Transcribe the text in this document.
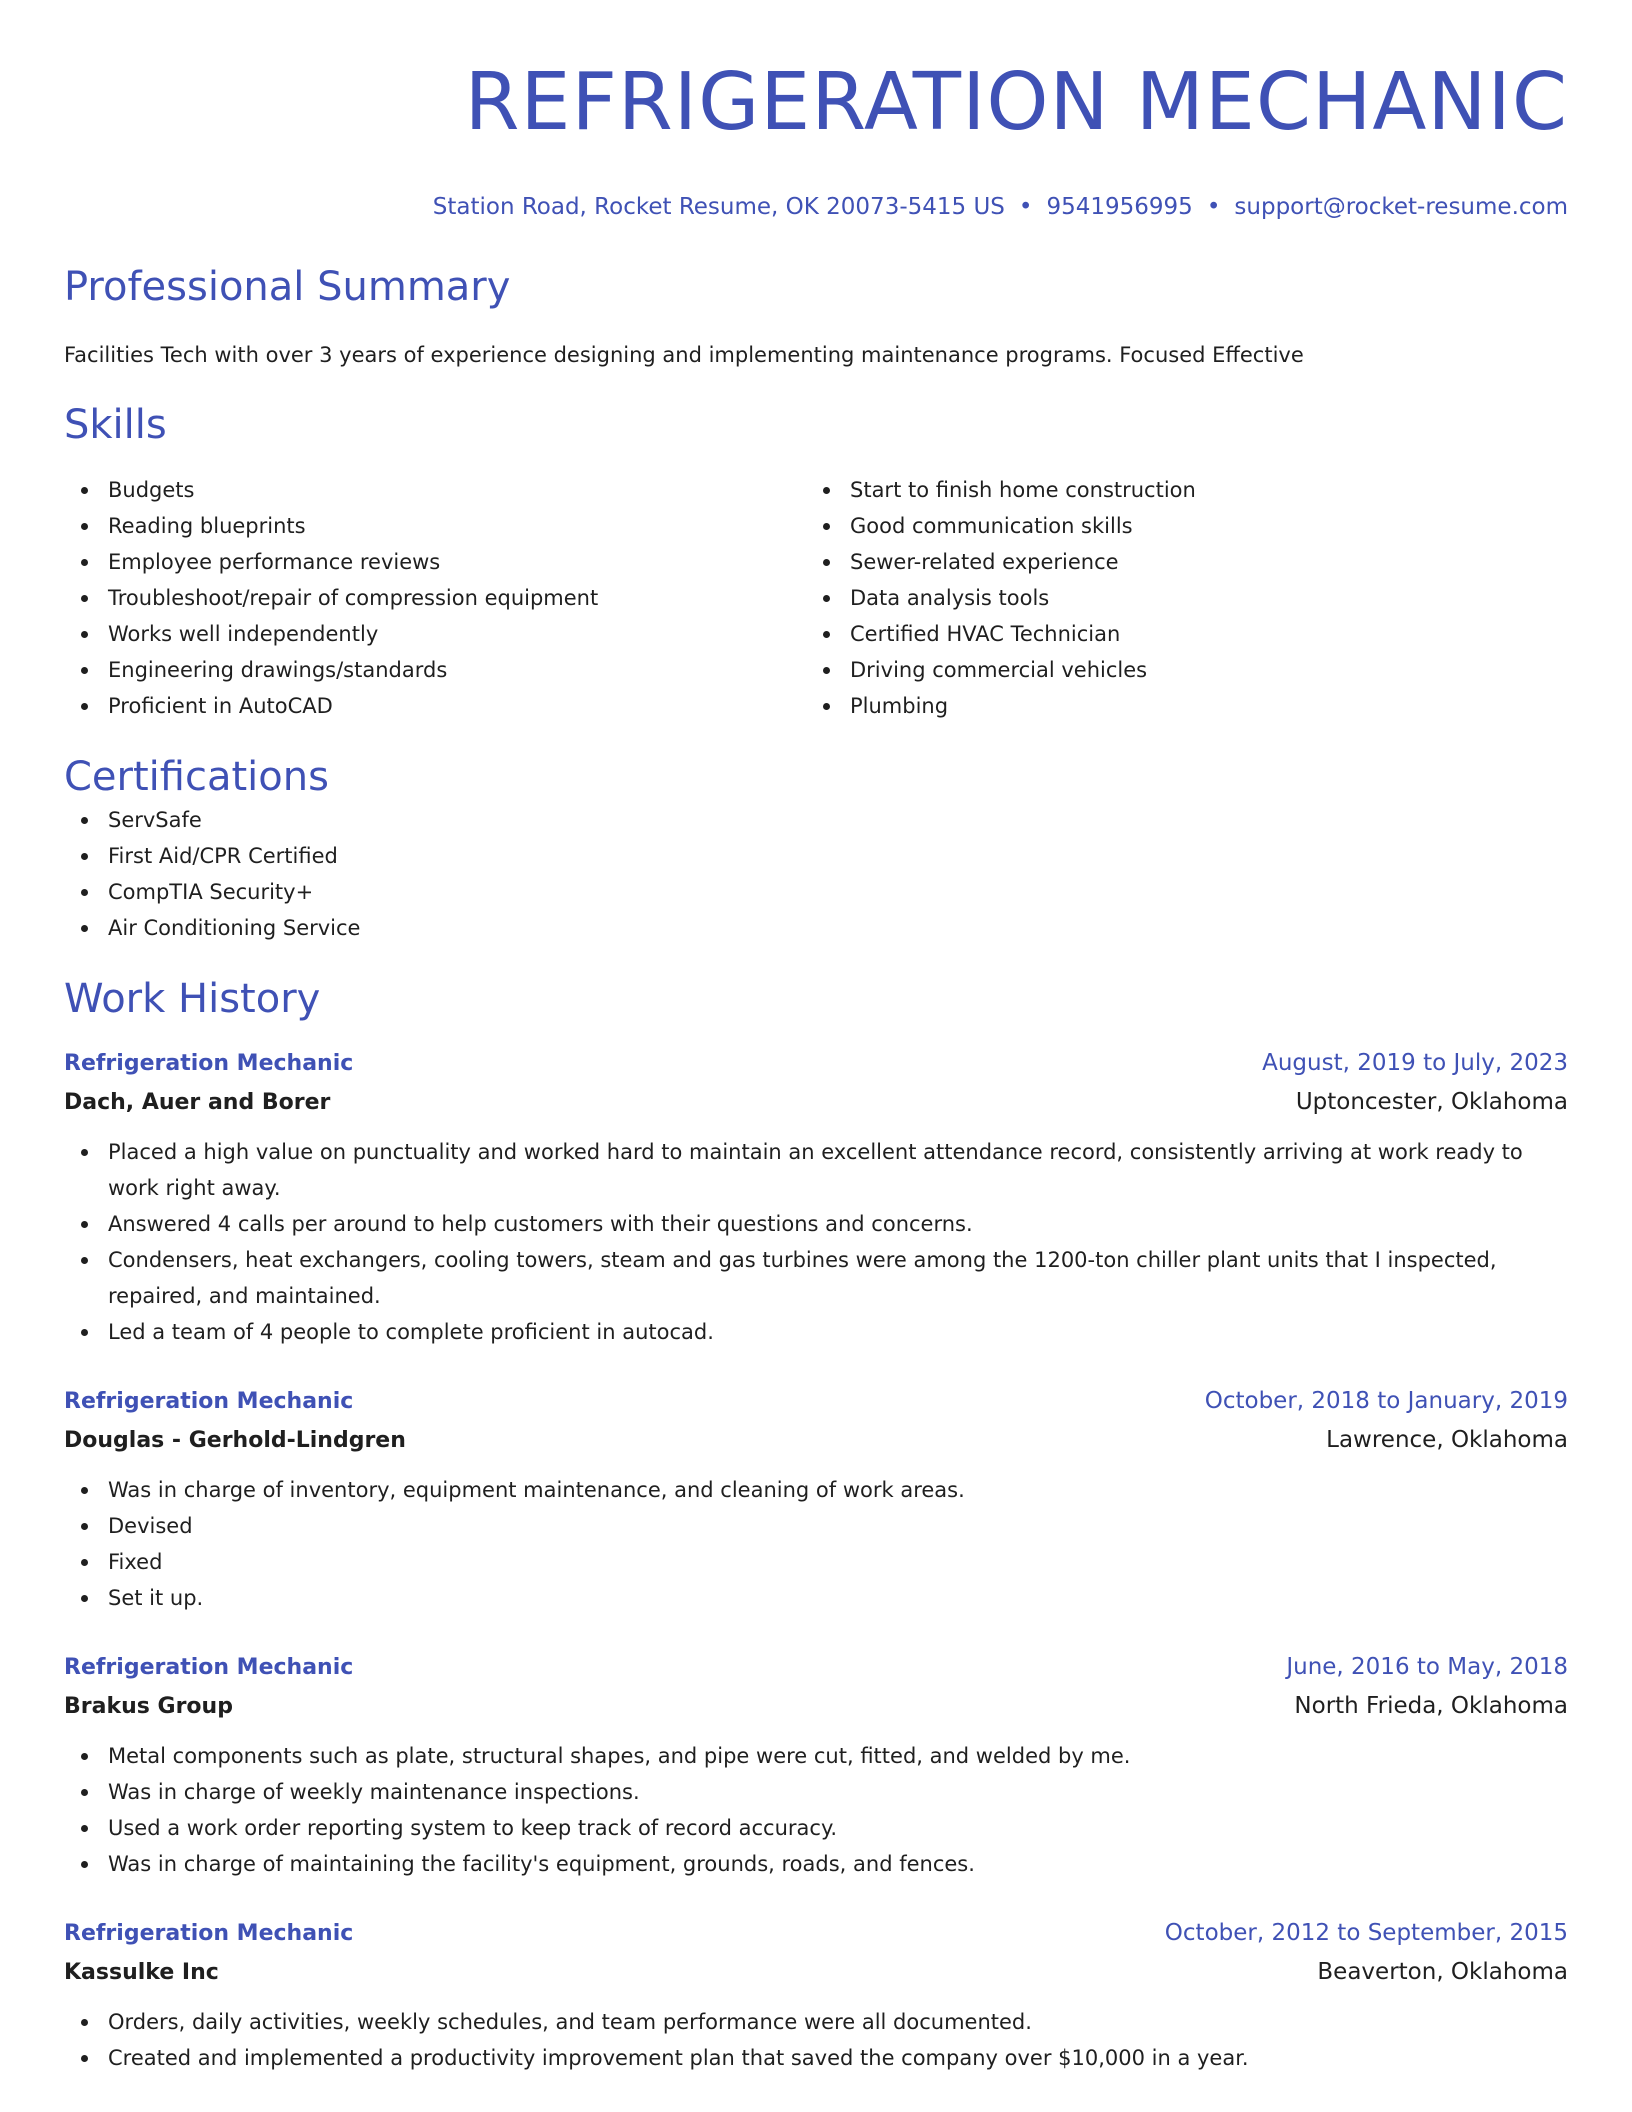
REFRIGERATION MECHANIC
Station Road, Rocket Resume, OK 20073-5415 US • 9541956995 • support@rocket-resume.com
Professional Summary
Facilities Tech with over 3 years of experience designing and implementing maintenance programs. Focused Effective
Skills
Budgets
Reading blueprints
Employee performance reviews
Troubleshoot/repair of compression equipment
Works well independently
Engineering drawings/standards
Proficient in AutoCAD
Start to finish home construction
Good communication skills
Sewer-related experience
Data analysis tools
Certified HVAC Technician
Driving commercial vehicles
Plumbing
Certifications
ServSafe
First Aid/CPR Certified
CompTIA Security+
Air Conditioning Service
Work History
Refrigeration Mechanic	August, 2019 to July, 2023
Dach, Auer and Borer	Uptoncester, Oklahoma
Placed a high value on punctuality and worked hard to maintain an excellent attendance record, consistently arriving at work ready to work right away.
Answered 4 calls per around to help customers with their questions and concerns.
Condensers, heat exchangers, cooling towers, steam and gas turbines were among the 1200-ton chiller plant units that I inspected, repaired, and maintained.
Led a team of 4 people to complete proficient in autocad.
Refrigeration Mechanic	October, 2018 to January, 2019
Douglas - Gerhold-Lindgren	Lawrence, Oklahoma
Was in charge of inventory, equipment maintenance, and cleaning of work areas.
Devised
Fixed
Set it up.
Refrigeration Mechanic	June, 2016 to May, 2018
Brakus Group	North Frieda, Oklahoma
Metal components such as plate, structural shapes, and pipe were cut, fitted, and welded by me.
Was in charge of weekly maintenance inspections.
Used a work order reporting system to keep track of record accuracy.
Was in charge of maintaining the facility's equipment, grounds, roads, and fences.
Refrigeration Mechanic	October, 2012 to September, 2015
Kassulke Inc	Beaverton, Oklahoma
Orders, daily activities, weekly schedules, and team performance were all documented.
Created and implemented a productivity improvement plan that saved the company over $10,000 in a year.
